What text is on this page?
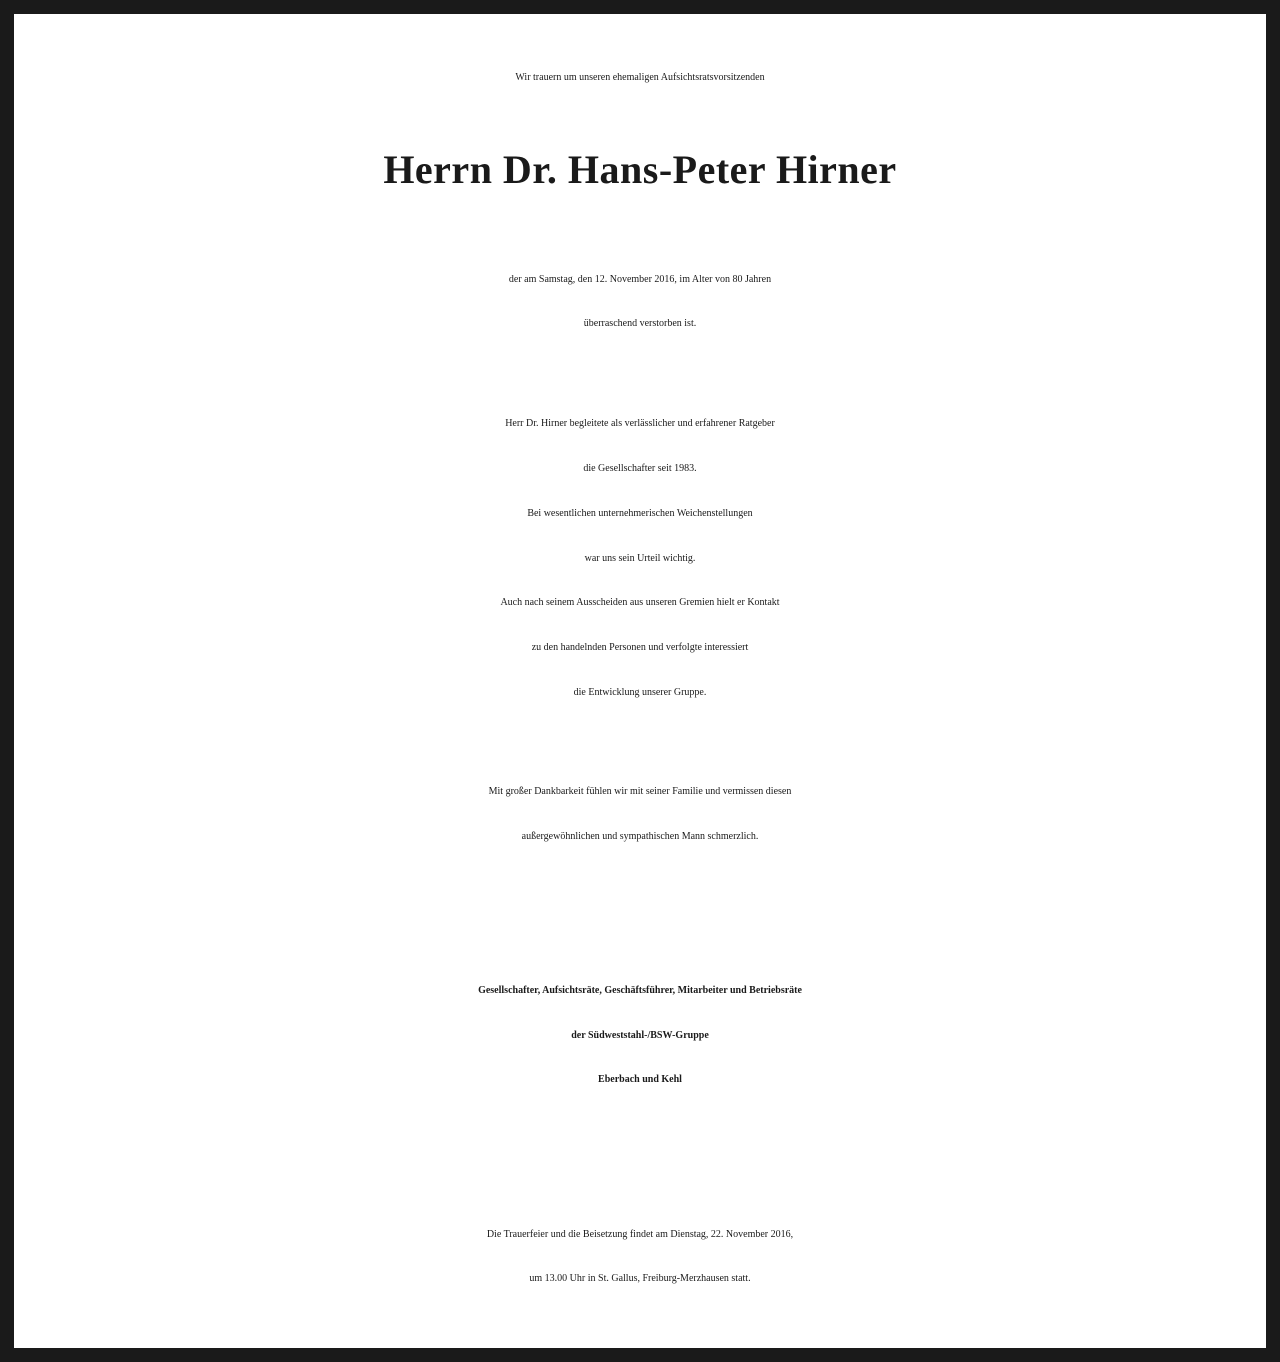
Wir trauern um unseren ehemaligen Aufsichtsratsvorsitzenden
Herrn Dr. Hans-Peter Hirner
der am Samstag, den 12. November 2016, im Alter von 80 Jahren
überraschend verstorben ist.
Herr Dr. Hirner begleitete als verlässlicher und erfahrener Ratgeber
die Gesellschafter seit 1983.
Bei wesentlichen unternehmerischen Weichenstellungen
war uns sein Urteil wichtig.
Auch nach seinem Ausscheiden aus unseren Gremien hielt er Kontakt
zu den handelnden Personen und verfolgte interessiert
die Entwicklung unserer Gruppe.
Mit großer Dankbarkeit fühlen wir mit seiner Familie und vermissen diesen
außergewöhnlichen und sympathischen Mann schmerzlich.
Gesellschafter, Aufsichtsräte, Geschäftsführer, Mitarbeiter und Betriebsräte
der Südweststahl-/BSW-Gruppe
Eberbach und Kehl
Die Trauerfeier und die Beisetzung findet am Dienstag, 22. November 2016,
um 13.00 Uhr in St. Gallus, Freiburg-Merzhausen statt.
